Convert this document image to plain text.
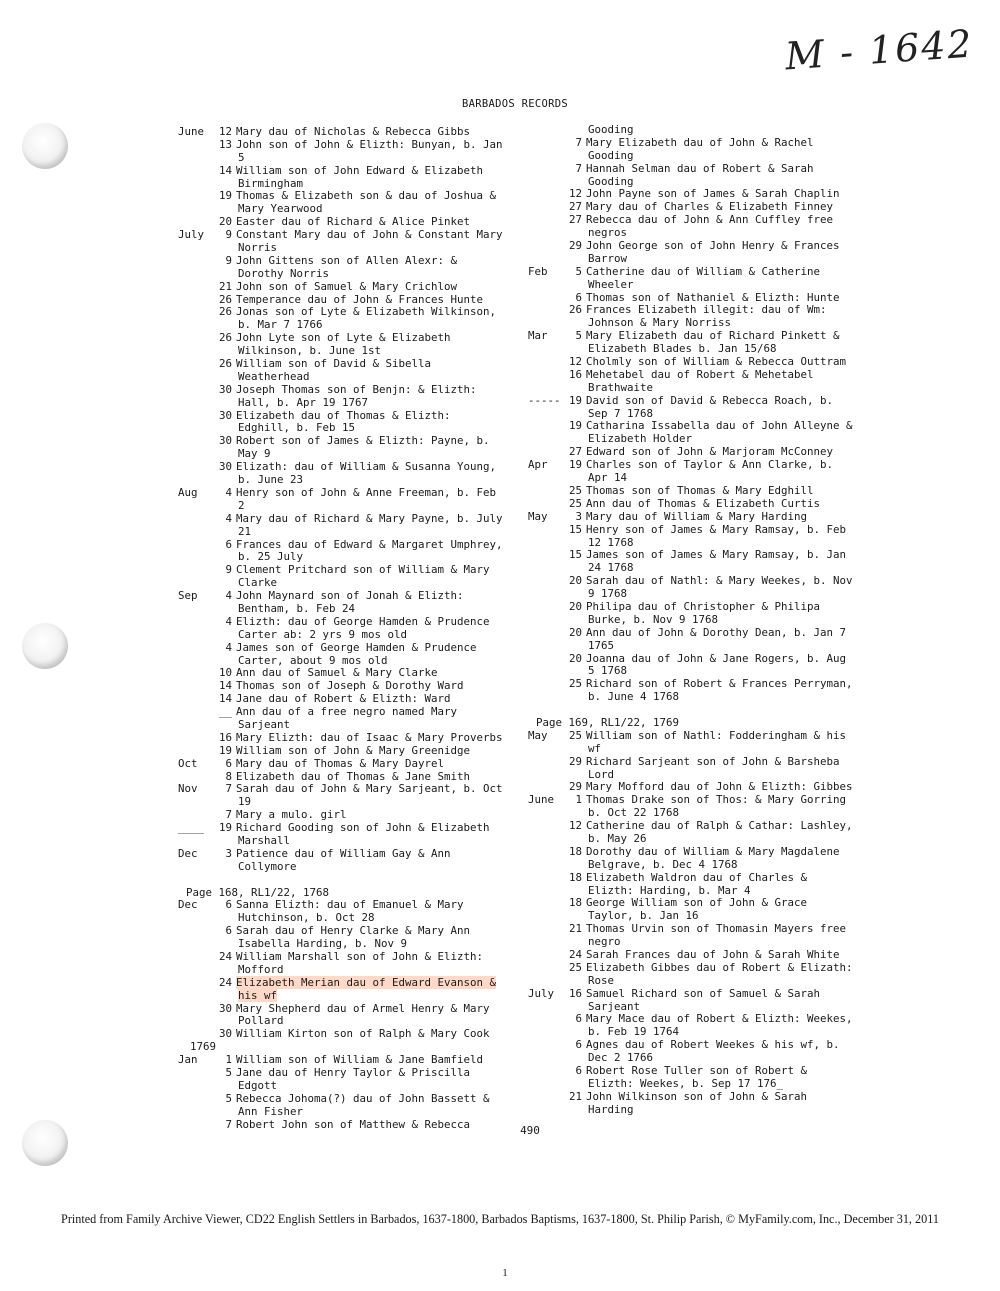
M - 1642
BARBADOS RECORDS
June	12 Mary dau of Nicholas & Rebecca Gibbs
13 John son of John & Elizth: Bunyan, b. Jan
5
14 William son of John Edward & Elizabeth
Birmingham
19 Thomas & Elizabeth son & dau of Joshua &
Mary Yearwood
20 Easter dau of Richard & Alice Pinket
July	9 Constant Mary dau of John & Constant Mary
Norris
9 John Gittens son of Allen Alexr: &
Dorothy Norris
21 John son of Samuel & Mary Crichlow
26 Temperance dau of John & Frances Hunte
26 Jonas son of Lyte & Elizabeth Wilkinson,
b. Mar 7 1766
26 John Lyte son of Lyte & Elizabeth
Wilkinson, b. June 1st
26 William son of David & Sibella
Weatherhead
30 Joseph Thomas son of Benjn: & Elizth:
Hall, b. Apr 19 1767
30 Elizabeth dau of Thomas & Elizth:
Edghill, b. Feb 15
30 Robert son of James & Elizth: Payne, b.
May 9
30 Elizath: dau of William & Susanna Young,
b. June 23
Aug	4 Henry son of John & Anne Freeman, b. Feb
2
4 Mary dau of Richard & Mary Payne, b. July
21
6 Frances dau of Edward & Margaret Umphrey,
b. 25 July
9 Clement Pritchard son of William & Mary
Clarke
Sep	4 John Maynard son of Jonah & Elizth:
Bentham, b. Feb 24
4 Elizth: dau of George Hamden & Prudence
Carter ab: 2 yrs 9 mos old
4 James son of George Hamden & Prudence
Carter, about 9 mos old
10 Ann dau of Samuel & Mary Clarke
14 Thomas son of Joseph & Dorothy Ward
14 Jane dau of Robert & Elizth: Ward
__ Ann dau of a free negro named Mary
Sarjeant
16 Mary Elizth: dau of Isaac & Mary Proverbs
19 William son of John & Mary Greenidge
Oct	6 Mary dau of Thomas & Mary Dayrel
8 Elizabeth dau of Thomas & Jane Smith
Nov	7 Sarah dau of John & Mary Sarjeant, b. Oct
19
7 Mary a mulo. girl
____	19 Richard Gooding son of John & Elizabeth
Marshall
Dec	3 Patience dau of William Gay & Ann
Collymore
Page 168, RL1/22, 1768
Dec	6 Sanna Elizth: dau of Emanuel & Mary
Hutchinson, b. Oct 28
6 Sarah dau of Henry Clarke & Mary Ann
Isabella Harding, b. Nov 9
24 William Marshall son of John & Elizth:
Mofford
24 Elizabeth Merian dau of Edward Evanson &
his wf
30 Mary Shepherd dau of Armel Henry & Mary
Pollard
30 William Kirton son of Ralph & Mary Cook
1769
Jan	1 William son of William & Jane Bamfield
5 Jane dau of Henry Taylor & Priscilla
Edgott
5 Rebecca Johoma(?) dau of John Bassett &
Ann Fisher
7 Robert John son of Matthew & Rebecca
Gooding
7 Mary Elizabeth dau of John & Rachel
Gooding
7 Hannah Selman dau of Robert & Sarah
Gooding
12 John Payne son of James & Sarah Chaplin
27 Mary dau of Charles & Elizabeth Finney
27 Rebecca dau of John & Ann Cuffley free
negros
29 John George son of John Henry & Frances
Barrow
Feb	5 Catherine dau of William & Catherine
Wheeler
6 Thomas son of Nathaniel & Elizth: Hunte
26 Frances Elizabeth illegit: dau of Wm:
Johnson & Mary Norriss
Mar	5 Mary Elizabeth dau of Richard Pinkett &
Elizabeth Blades b. Jan 15/68
12 Cholmly son of William & Rebecca Outtram
16 Mehetabel dau of Robert & Mehetabel
Brathwaite
----- 19 David son of David & Rebecca Roach, b.
Sep 7 1768
19 Catharina Issabella dau of John Alleyne &
Elizabeth Holder
27 Edward son of John & Marjoram McConney
Apr	19 Charles son of Taylor & Ann Clarke, b.
Apr 14
25 Thomas son of Thomas & Mary Edghill
25 Ann dau of Thomas & Elizabeth Curtis
May	3 Mary dau of William & Mary Harding
15 Henry son of James & Mary Ramsay, b. Feb
12 1768
15 James son of James & Mary Ramsay, b. Jan
24 1768
20 Sarah dau of Nathl: & Mary Weekes, b. Nov
9 1768
20 Philipa dau of Christopher & Philipa
Burke, b. Nov 9 1768
20 Ann dau of John & Dorothy Dean, b. Jan 7
1765
20 Joanna dau of John & Jane Rogers, b. Aug
5 1768
25 Richard son of Robert & Frances Perryman,
b. June 4 1768
Page 169, RL1/22, 1769
May	25 William son of Nathl: Fodderingham & his
wf
29 Richard Sarjeant son of John & Barsheba
Lord
29 Mary Mofford dau of John & Elizth: Gibbes
June	1 Thomas Drake son of Thos: & Mary Gorring
b. Oct 22 1768
12 Catherine dau of Ralph & Cathar: Lashley,
b. May 26
18 Dorothy dau of William & Mary Magdalene
Belgrave, b. Dec 4 1768
18 Elizabeth Waldron dau of Charles &
Elizth: Harding, b. Mar 4
18 George William son of John & Grace
Taylor, b. Jan 16
21 Thomas Urvin son of Thomasin Mayers free
negro
24 Sarah Frances dau of John & Sarah White
25 Elizabeth Gibbes dau of Robert & Elizath:
Rose
July	16 Samuel Richard son of Samuel & Sarah
Sarjeant
6 Mary Mace dau of Robert & Elizth: Weekes,
b. Feb 19 1764
6 Agnes dau of Robert Weekes & his wf, b.
Dec 2 1766
6 Robert Rose Tuller son of Robert &
Elizth: Weekes, b. Sep 17 176_
21 John Wilkinson son of John & Sarah
Harding
490
Printed from Family Archive Viewer, CD22 English Settlers in Barbados, 1637-1800, Barbados Baptisms, 1637-1800, St. Philip Parish, © MyFamily.com, Inc., December 31, 2011
1
